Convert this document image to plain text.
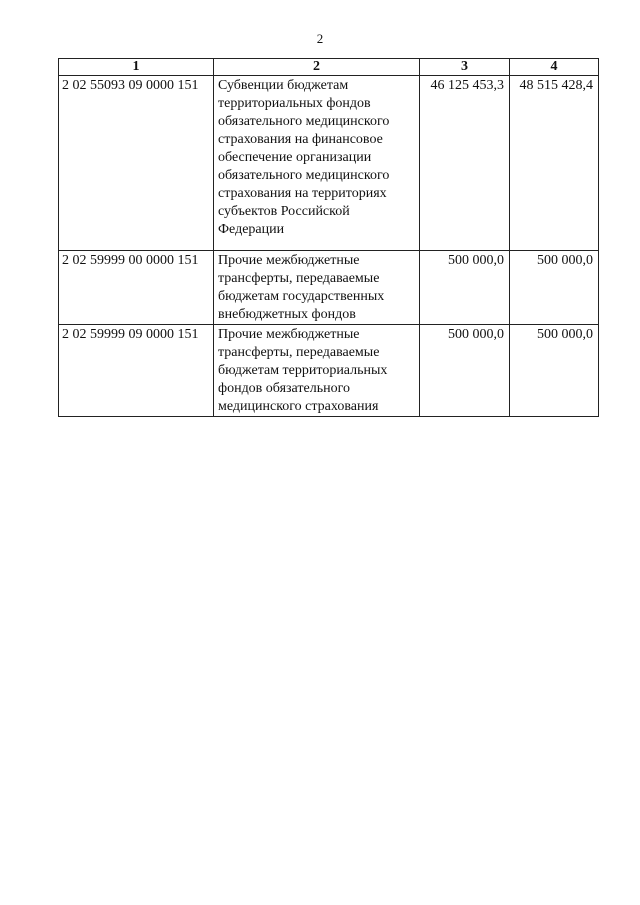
2
1	2	3	4
2 02 55093 09 0000 151	Субвенции бюджетам территориальных фондов обязательного медицинского страхования на финансовое обеспечение организации обязательного медицинского страхования на территориях субъектов Российской Федерации	46 125 453,3	48 515 428,4
2 02 59999 00 0000 151	Прочие межбюджетные трансферты, передаваемые бюджетам государственных внебюджетных фондов	500 000,0	500 000,0
2 02 59999 09 0000 151	Прочие межбюджетные трансферты, передаваемые бюджетам территориальных фондов обязательного медицинского страхования	500 000,0	500 000,0
